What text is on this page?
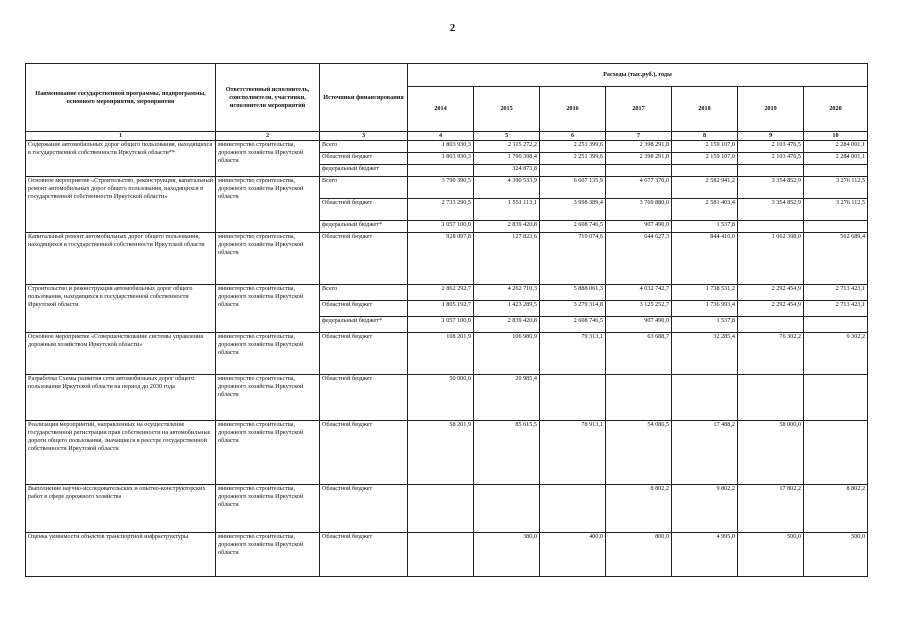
2
Наименование государственной программы, подпрограммы, основного мероприятия, мероприятия	Ответственный исполнитель, соисполнители, участники, исполнители мероприятий	Источники финансирования	Расходы (тыс.руб.), годы						
			2014	2015	2016	2017	2018	2019	2020
1	2	3	4	5	6	7	8	9	10
Содержание автомобильных дорог общего пользования, находящихся в государственной собственности Иркутской области**	министерство строительства, дорожного хозяйства Иркутской области	Всего	1 803 930,3	2 115 272,2	2 251 399,6	2 398 291,8	2 159 107,0	2 103 476,5	2 284 001,1
		Областной бюджет	1 803 930,3	1 790 398,4	2 251 399,6	2 398 291,8	2 159 107,0	2 103 476,5	2 284 001,1
		федеральный бюджет		324 873,8					
Основное мероприятие «Строительство, реконструкция, капитальный ремонт автомобильных дорог общего пользования, находящихся в государственной собственности Иркутской области»	министерство строительства, дорожного хозяйства Иркутской области	Всего	3 790 390,5	4 390 533,9	6 607 135,9	4 677 370,0	2 582 941,2	3 354 852,9	3 276 112,5
		Областной бюджет	2 733 290,5	1 551 113,1	3 998 389,4	3 769 880,0	2 581 403,4	3 354 852,9	3 276 112,5
		федеральный бюджет*	1 057 100,0	2 839 420,8	2 608 746,5	907 490,0	1 537,8		
Капитальный ремонт автомобильных дорог общего пользования, находящихся в государственной собственности Иркутской области	министерство строительства, дорожного хозяйства Иркутской области	Областной бюджет	928 097,8	127 823,6	719 074,6	644 627,3	844 410,0	1 062 398,0	562 689,4
Строительство и реконструкция автомобильных дорог общего пользования, находящихся в государственной собственности Иркутской области	министерство строительства, дорожного хозяйства Иркутской области	Всего	2 862 292,7	4 262 710,3	5 888 061,3	4 032 742,7	1 738 531,2	2 292 454,9	2 713 423,1
		Областной бюджет	1 805 192,7	1 423 289,5	3 279 314,8	3 125 252,7	1 736 993,4	2 292 454,9	2 713 423,1
		федеральный бюджет*	1 057 100,0	2 839 420,8	2 608 746,5	907 490,0	1 537,8		
Основное мероприятие «Совершенствование системы управления дорожным хозяйством Иркутской области»	министерство строительства, дорожного хозяйства Иркутской области	Областной бюджет	108 201,9	106 980,9	79 313,1	63 688,7	32 285,4	76 302,2	9 302,2
Разработка Схемы развития сети автомобильных дорог общего пользования Иркутской области на период до 2030 года	министерство строительства, дорожного хозяйства Иркутской области	Областной бюджет	50 000,0	20 985,4					
Реализация мероприятий, направленных на осуществление государственной регистрации прав собственности на автомобильные дороги общего пользования, значащиеся в реестре государственной собственности Иркутской области	министерство строительства, дорожного хозяйства Иркутской области	Областной бюджет	58 201,9	85 615,5	78 913,1	54 086,5	17 488,2	58 000,0	
Выполнение научно-исследовательских и опытно-конструкторских работ в сфере дорожного хозяйства	министерство строительства, дорожного хозяйства Иркутской области	Областной бюджет				8 802,2	9 802,2	17 802,2	8 802,2
Оценка уязвимости объектов транспортной инфраструктуры	министерство строительства, дорожного хозяйства Иркутской области	Областной бюджет		380,0	400,0	800,0	4 995,0	500,0	500,0
